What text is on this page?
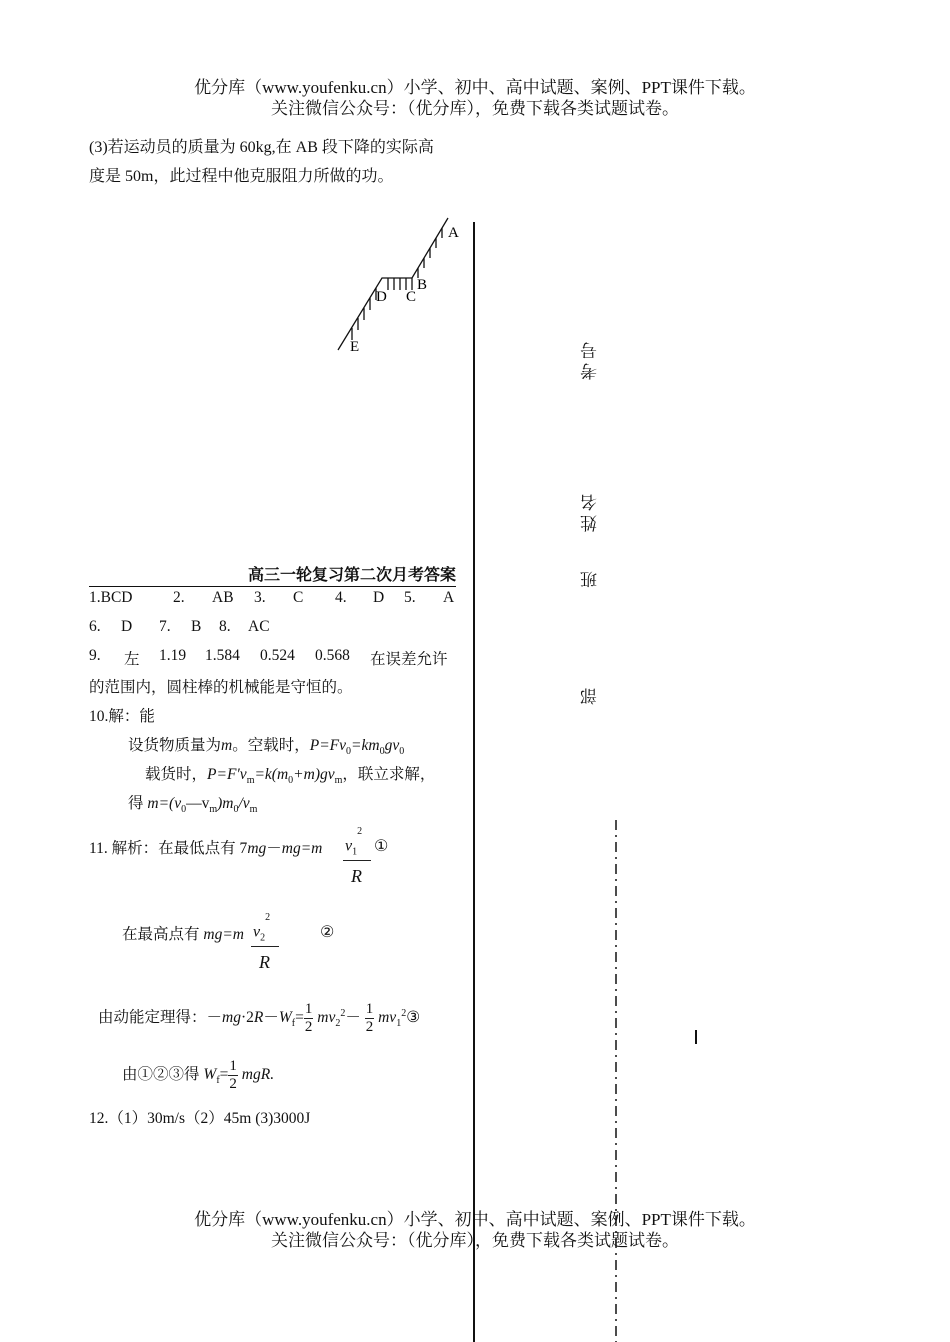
优分库（www.youfenku.cn）小学、初中、高中试题、案例、PPT课件下载。
关注微信公众号：（优分库），免费下载各类试题试卷。
(3)若运动员的质量为 60kg,在 AB 段下降的实际高
度是 50m，此过程中他克服阻力所做的功。
A
B
C
D
E	考号
姓名
班
部
高三一轮复习第二次月考答案
1.BCD	2. AB 3. C 4. D 5. A
6. D 7. B 8. AC
9. 左 1.19 1.584 0.524 0.568 在误差允许
的范围内，圆柱棒的机械能是守恒的。
10.解：能
设货物质量为m。空载时，$P=Fv_0=km_0gv_0$
载货时，$P=F'v_m=k(m_0+m)gv_m$，联立求解，
得 $m=(v_0—v_m)m_0/v_m$
11. 解析：在最低点有 7mg－mg=m $v_1^2$
R
①
在最高点有 mg=m $v_2^2$
R
②
由动能定理得：$-mg\cdot 2R-W_f= \frac{1}{2} mv_2^2- \frac{1}{2}$ $mv_1^2③$
由①②③得 $W_f= \frac{1}{2}$ mgR.
12.（1）30m/s（2）45m (3)3000J
优分库（www.youfenku.cn）小学、初中、高中试题、案例、PPT课件下载。
关注微信公众号：（优分库），免费下载各类试题试卷。
